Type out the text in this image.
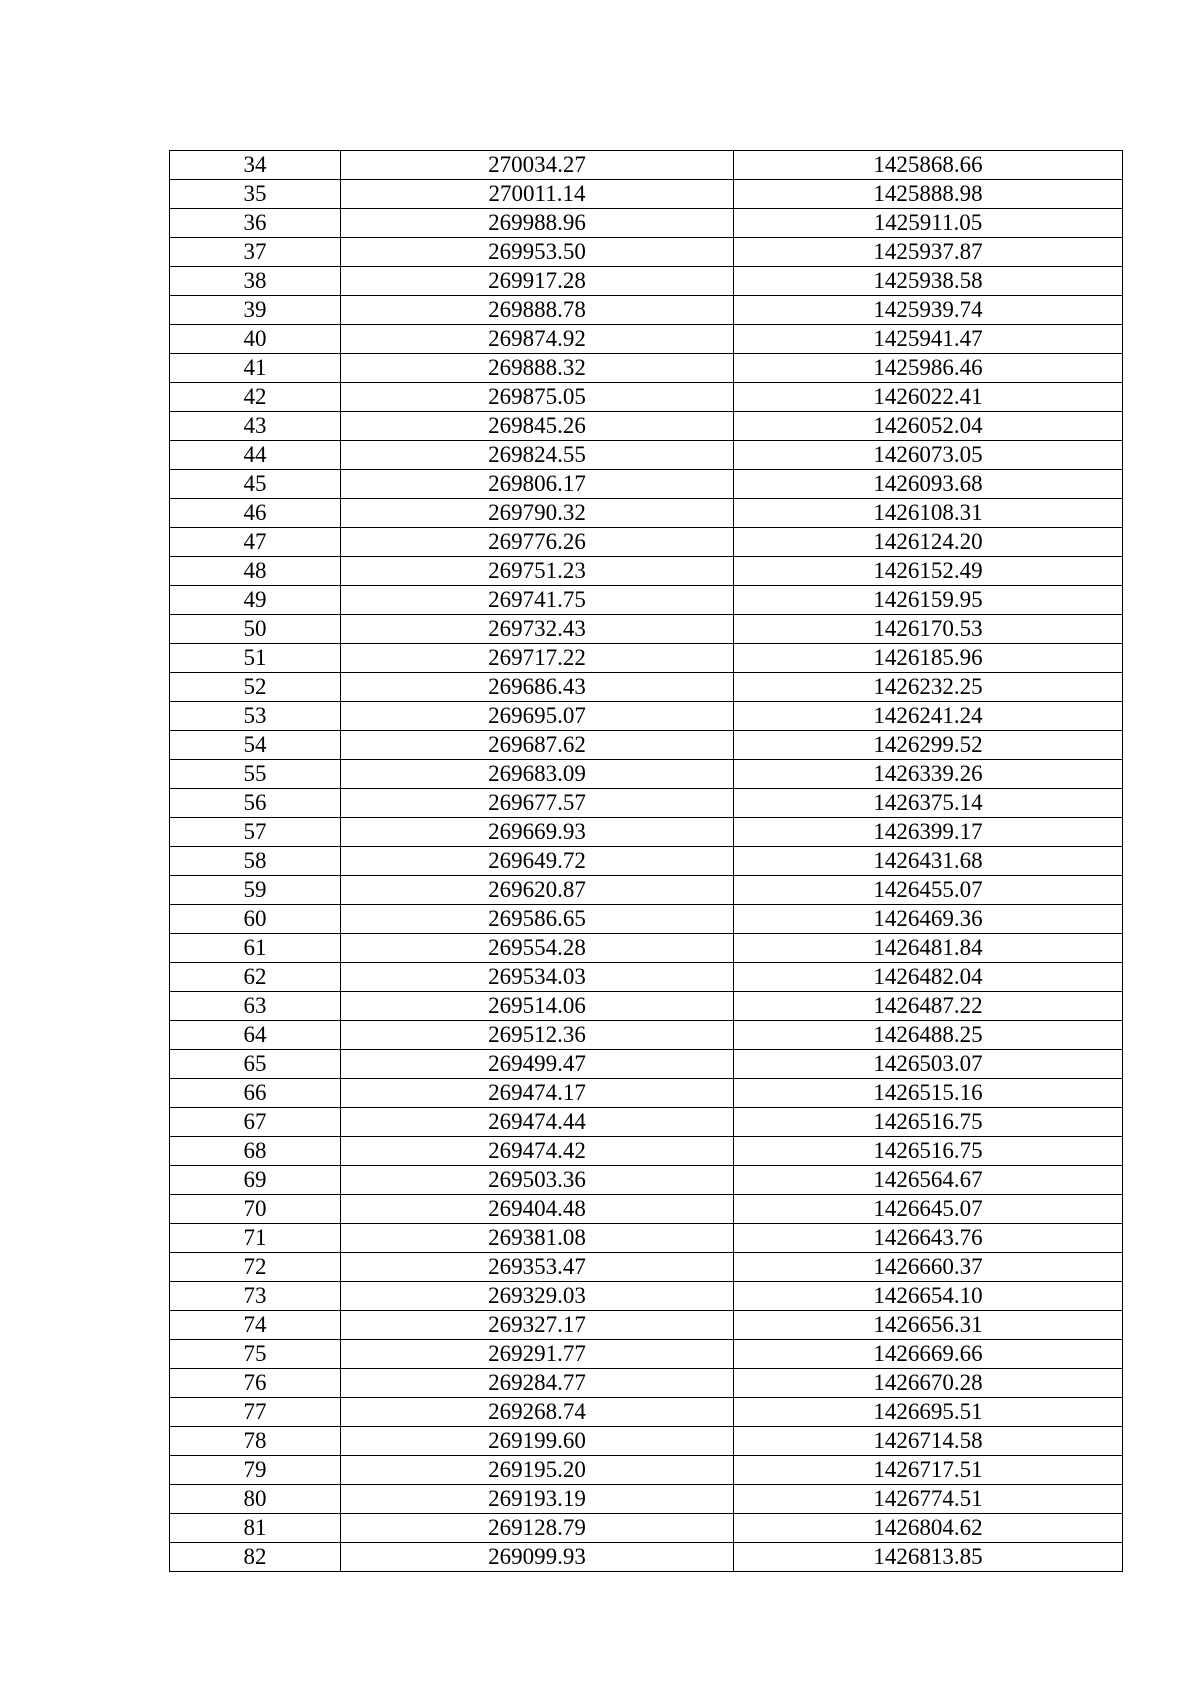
34	270034.27	1425868.66
35	270011.14	1425888.98
36	269988.96	1425911.05
37	269953.50	1425937.87
38	269917.28	1425938.58
39	269888.78	1425939.74
40	269874.92	1425941.47
41	269888.32	1425986.46
42	269875.05	1426022.41
43	269845.26	1426052.04
44	269824.55	1426073.05
45	269806.17	1426093.68
46	269790.32	1426108.31
47	269776.26	1426124.20
48	269751.23	1426152.49
49	269741.75	1426159.95
50	269732.43	1426170.53
51	269717.22	1426185.96
52	269686.43	1426232.25
53	269695.07	1426241.24
54	269687.62	1426299.52
55	269683.09	1426339.26
56	269677.57	1426375.14
57	269669.93	1426399.17
58	269649.72	1426431.68
59	269620.87	1426455.07
60	269586.65	1426469.36
61	269554.28	1426481.84
62	269534.03	1426482.04
63	269514.06	1426487.22
64	269512.36	1426488.25
65	269499.47	1426503.07
66	269474.17	1426515.16
67	269474.44	1426516.75
68	269474.42	1426516.75
69	269503.36	1426564.67
70	269404.48	1426645.07
71	269381.08	1426643.76
72	269353.47	1426660.37
73	269329.03	1426654.10
74	269327.17	1426656.31
75	269291.77	1426669.66
76	269284.77	1426670.28
77	269268.74	1426695.51
78	269199.60	1426714.58
79	269195.20	1426717.51
80	269193.19	1426774.51
81	269128.79	1426804.62
82	269099.93	1426813.85
